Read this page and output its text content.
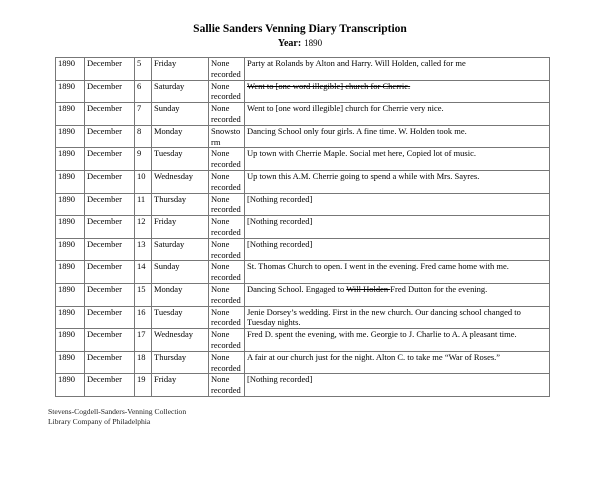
Sallie Sanders Venning Diary Transcription
Year: 1890
1890	December	5	Friday	None recorded	Party at Rolands by Alton and Harry. Will Holden, called for me
1890	December	6	Saturday	None recorded	Went to [one word illegible] church for Cherrie.
1890	December	7	Sunday	None recorded	Went to [one word illegible] church for Cherrie very nice.
1890	December	8	Monday	Snowstorm	Dancing School only four girls. A fine time. W. Holden took me.
1890	December	9	Tuesday	None recorded	Up town with Cherrie Maple. Social met here, Copied lot of music.
1890	December	10	Wednesday	None recorded	Up town this A.M. Cherrie going to spend a while with Mrs. Sayres.
1890	December	11	Thursday	None recorded	[Nothing recorded]
1890	December	12	Friday	None recorded	[Nothing recorded]
1890	December	13	Saturday	None recorded	[Nothing recorded]
1890	December	14	Sunday	None recorded	St. Thomas Church to open. I went in the evening. Fred came home with me.
1890	December	15	Monday	None recorded	Dancing School. Engaged to Will Holden Fred Dutton for the evening.
1890	December	16	Tuesday	None recorded	Jenie Dorsey’s wedding. First in the new church. Our dancing school changed to Tuesday nights.
1890	December	17	Wednesday	None recorded	Fred D. spent the evening, with me. Georgie to J. Charlie to A. A pleasant time.
1890	December	18	Thursday	None recorded	A fair at our church just for the night. Alton C. to take me “War of Roses.”
1890	December	19	Friday	None recorded	[Nothing recorded]
Stevens-Cogdell-Sanders-Venning Collection
Library Company of Philadelphia
